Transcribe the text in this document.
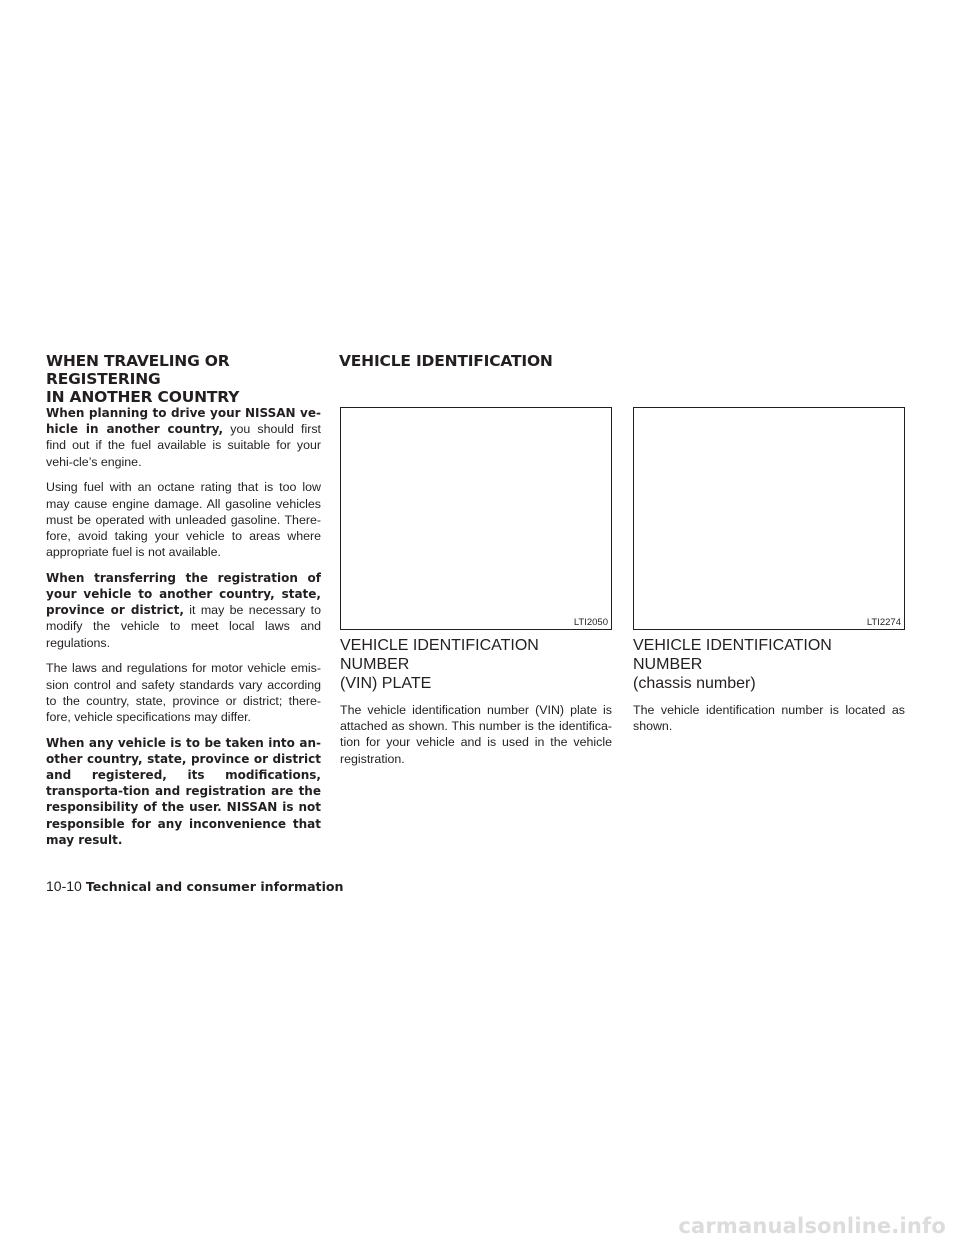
WHEN TRAVELING OR REGISTERING
IN ANOTHER COUNTRY
VEHICLE IDENTIFICATION

When planning to drive your NISSAN ve-hicle in another country, you should first find out if the fuel available is suitable for your vehi-cle’s engine.

Using fuel with an octane rating that is too low may cause engine damage. All gasoline vehicles must be operated with unleaded gasoline. There-fore, avoid taking your vehicle to areas where appropriate fuel is not available.

When transferring the registration of your vehicle to another country, state, province or district, it may be necessary to modify the vehicle to meet local laws and regulations.

The laws and regulations for motor vehicle emis-sion control and safety standards vary according to the country, state, province or district; there-fore, vehicle specifications may differ.

When any vehicle is to be taken into an-other country, state, province or district and registered, its modifications, transporta-tion and registration are the responsibility of the user. NISSAN is not responsible for any inconvenience that may result.

LTI2050	LTI2274
VEHICLE IDENTIFICATION NUMBER
(VIN) PLATE

The vehicle identification number (VIN) plate is attached as shown. This number is the identifica-tion for your vehicle and is used in the vehicle registration.

VEHICLE IDENTIFICATION NUMBER
(chassis number)

The vehicle identification number is located as shown.

10-10 Technical and consumer information
carmanualsonline.info
